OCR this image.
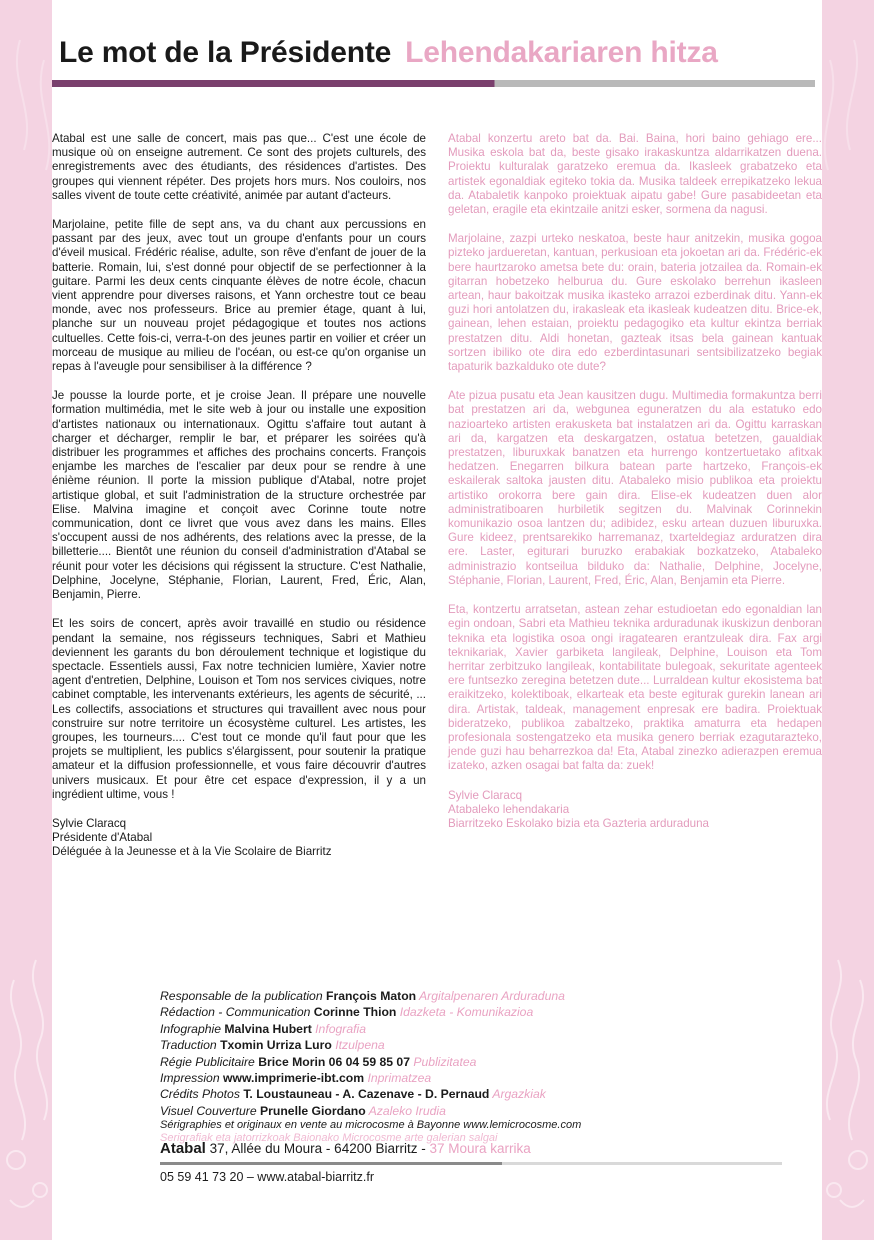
Le mot de la Présidente Lehendakariaren hitza

Atabal est une salle de concert, mais pas que... C'est une école de musique où on enseigne autrement. Ce sont des projets culturels, des enregistrements avec des étudiants, des résidences d'artistes. Des groupes qui viennent répéter. Des projets hors murs. Nos couloirs, nos salles vivent de toute cette créativité, animée par autant d'acteurs.

Marjolaine, petite fille de sept ans, va du chant aux percussions en passant par des jeux, avec tout un groupe d'enfants pour un cours d'éveil musical. Frédéric réalise, adulte, son rêve d'enfant de jouer de la batterie. Romain, lui, s'est donné pour objectif de se perfectionner à la guitare. Parmi les deux cents cinquante élèves de notre école, chacun vient apprendre pour diverses raisons, et Yann orchestre tout ce beau monde, avec nos professeurs. Brice au premier étage, quant à lui, planche sur un nouveau projet pédagogique et toutes nos actions cultuelles. Cette fois-ci, verra-t-on des jeunes partir en voilier et créer un morceau de musique au milieu de l'océan, ou est-ce qu'on organise un repas à l'aveugle pour sensibiliser à la différence ?

Je pousse la lourde porte, et je croise Jean. Il prépare une nouvelle formation multimédia, met le site web à jour ou installe une exposition d'artistes nationaux ou internationaux. Ogittu s'affaire tout autant à charger et décharger, remplir le bar, et préparer les soirées qu'à distribuer les programmes et affiches des prochains concerts. François enjambe les marches de l'escalier par deux pour se rendre à une énième réunion. Il porte la mission publique d'Atabal, notre projet artistique global, et suit l'administration de la structure orchestrée par Elise. Malvina imagine et conçoit avec Corinne toute notre communication, dont ce livret que vous avez dans les mains. Elles s'occupent aussi de nos adhérents, des relations avec la presse, de la billetterie.... Bientôt une réunion du conseil d'administration d'Atabal se réunit pour voter les décisions qui régissent la structure. C'est Nathalie, Delphine, Jocelyne, Stéphanie, Florian, Laurent, Fred, Éric, Alan, Benjamin, Pierre.

Et les soirs de concert, après avoir travaillé en studio ou résidence pendant la semaine, nos régisseurs techniques, Sabri et Mathieu deviennent les garants du bon déroulement technique et logistique du spectacle. Essentiels aussi, Fax notre technicien lumière, Xavier notre agent d'entretien, Delphine, Louison et Tom nos services civiques, notre cabinet comptable, les intervenants extérieurs, les agents de sécurité, ... Les collectifs, associations et structures qui travaillent avec nous pour construire sur notre territoire un écosystème culturel. Les artistes, les groupes, les tourneurs.... C'est tout ce monde qu'il faut pour que les projets se multiplient, les publics s'élargissent, pour soutenir la pratique amateur et la diffusion professionnelle, et vous faire découvrir d'autres univers musicaux. Et pour être cet espace d'expression, il y a un ingrédient ultime, vous !

Sylvie Claracq
Présidente d'Atabal
Déléguée à la Jeunesse et à la Vie Scolaire de Biarritz

Atabal konzertu areto bat da. Bai. Baina, hori baino gehiago ere... Musika eskola bat da, beste gisako irakaskuntza aldarrikatzen duena. Proiektu kulturalak garatzeko eremua da. Ikasleek grabatzeko eta artistek egonaldiak egiteko tokia da. Musika taldeek errepikatzeko lekua da. Atabaletik kanpoko proiektuak aipatu gabe! Gure pasabideetan eta geletan, eragile eta ekintzaile anitzi esker, sormena da nagusi.

Marjolaine, zazpi urteko neskatoa, beste haur anitzekin, musika gogoa pizteko jardueretan, kantuan, perkusioan eta jokoetan ari da. Frédéric-ek bere haurtzaroko ametsa bete du: orain, bateria jotzailea da. Romain-ek gitarran hobetzeko helburua du. Gure eskolako berrehun ikasleen artean, haur bakoitzak musika ikasteko arrazoi ezberdinak ditu. Yann-ek guzi hori antolatzen du, irakasleak eta ikasleak kudeatzen ditu. Brice-ek, gainean, lehen estaian, proiektu pedagogiko eta kultur ekintza berriak prestatzen ditu. Aldi honetan, gazteak itsas bela gainean kantuak sortzen ibiliko ote dira edo ezberdintasunari sentsibilizatzeko begiak tapaturik bazkalduko ote dute?

Ate pizua pusatu eta Jean kausitzen dugu. Multimedia formakuntza berri bat prestatzen ari da, webgunea eguneratzen du ala estatuko edo nazioarteko artisten erakusketa bat instalatzen ari da. Ogittu karraskan ari da, kargatzen eta deskargatzen, ostatua betetzen, gaualdiak prestatzen, liburuxkak banatzen eta hurrengo kontzertuetako afitxak hedatzen. Enegarren bilkura batean parte hartzeko, François-ek eskailerak saltoka jausten ditu. Atabaleko misio publikoa eta proiektu artistiko orokorra bere gain dira. Elise-ek kudeatzen duen alor administratiboaren hurbiletik segitzen du. Malvinak Corinnekin komunikazio osoa lantzen du; adibidez, esku artean duzuen liburuxka. Gure kideez, prentsarekiko harremanaz, txarteldegiaz arduratzen dira ere. Laster, egiturari buruzko erabakiak bozkatzeko, Atabaleko administrazio kontseilua bilduko da: Nathalie, Delphine, Jocelyne, Stéphanie, Florian, Laurent, Fred, Éric, Alan, Benjamin eta Pierre.

Eta, kontzertu arratsetan, astean zehar estudioetan edo egonaldian lan egin ondoan, Sabri eta Mathieu teknika arduradunak ikuskizun denboran teknika eta logistika osoa ongi iragatearen erantzuleak dira. Fax argi teknikariak, Xavier garbiketa langileak, Delphine, Louison eta Tom herritar zerbitzuko langileak, kontabilitate bulegoak, sekuritate agenteek ere funtsezko zeregina betetzen dute... Lurraldean kultur ekosistema bat eraikitzeko, kolektiboak, elkarteak eta beste egiturak gurekin lanean ari dira. Artistak, taldeak, management enpresak ere badira. Proiektuak bideratzeko, publikoa zabaltzeko, praktika amaturra eta hedapen profesionala sostengatzeko eta musika genero berriak ezagutarazteko, jende guzi hau beharrezkoa da! Eta, Atabal zinezko adierazpen eremua izateko, azken osagai bat falta da: zuek!

Sylvie Claracq
Atabaleko lehendakaria
Biarritzeko Eskolako bizia eta Gazteria arduraduna
Responsable de la publication François Maton Argitalpenaren Arduraduna
Rédaction - Communication Corinne Thion Idazketa - Komunikazioa
Infographie Malvina Hubert Infografia
Traduction Txomin Urriza Luro Itzulpena
Régie Publicitaire Brice Morin 06 04 59 85 07 Publizitatea
Impression www.imprimerie-ibt.com Inprimatzea
Crédits Photos T. Loustauneau - A. Cazenave - D. Pernaud Argazkiak
Visuel Couverture Prunelle Giordano Azaleko Irudia
Sérigraphies et originaux en vente au microcosme à Bayonne www.lemicrocosme.com
Serigrafiak eta jatorrizkoak Baionako Microcosme arte galerian salgai
Atabal 37, Allée du Moura - 64200 Biarritz - 37 Moura karrika
05 59 41 73 20 – www.atabal-biarritz.fr
